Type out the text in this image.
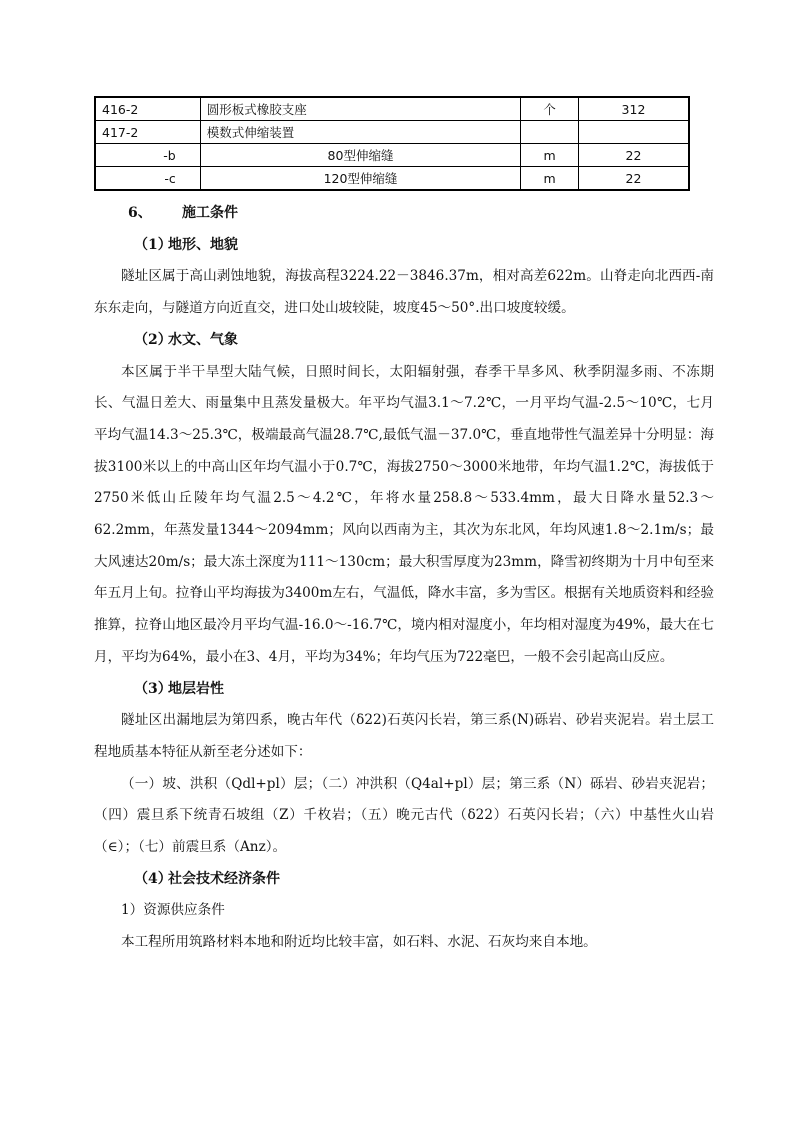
416-2	圆形板式橡胶支座	个	312
417-2	模数式伸缩装置		
-b	80型伸缩缝	m	22
-c	120型伸缩缝	m	22

6、 施工条件

（1）地形、地貌

隧址区属于高山剥蚀地貌，海拔高程3224.22－3846.37m，相对高差622m。山脊走向北西西-南东东走向，与隧道方向近直交，进口处山坡较陡，坡度45～50°.出口坡度较缓。

（2）水文、气象

本区属于半干旱型大陆气候，日照时间长，太阳辐射强，春季干旱多风、秋季阴湿多雨、不冻期长、气温日差大、雨量集中且蒸发量极大。年平均气温3.1～7.2℃，一月平均气温-2.5～10℃，七月平均气温14.3～25.3℃，极端最高气温28.7℃,最低气温－37.0℃，垂直地带性气温差异十分明显：海拔3100米以上的中高山区年均气温小于0.7℃，海拔2750～3000米地带，年均气温1.2℃，海拔低于2750米低山丘陵年均气温2.5～4.2℃，年将水量258.8～533.4mm，最大日降水量52.3～62.2mm，年蒸发量1344～2094mm；风向以西南为主，其次为东北风，年均风速1.8～2.1m/s；最大风速达20m/s；最大冻土深度为111～130cm；最大积雪厚度为23mm，降雪初终期为十月中旬至来年五月上旬。拉脊山平均海拔为3400m左右，气温低，降水丰富，多为雪区。根据有关地质资料和经验推算，拉脊山地区最冷月平均气温-16.0～-16.7℃，境内相对湿度小，年均相对湿度为49%，最大在七月，平均为64%，最小在3、4月，平均为34%；年均气压为722毫巴，一般不会引起高山反应。

（3）地层岩性

隧址区出漏地层为第四系，晚古年代（δ22)石英闪长岩，第三系(N)砾岩、砂岩夹泥岩。岩土层工程地质基本特征从新至老分述如下：

（一）坡、洪积（Qdl+pl）层；（二）冲洪积（Q4al+pl）层；第三系（N）砾岩、砂岩夹泥岩；（四）震旦系下统青石坡组（Z）千枚岩；（五）晚元古代（δ22）石英闪长岩；（六）中基性火山岩（∈）；（七）前震旦系（Anz）。

（4）社会技术经济条件

1）资源供应条件

本工程所用筑路材料本地和附近均比较丰富，如石料、水泥、石灰均来自本地。
